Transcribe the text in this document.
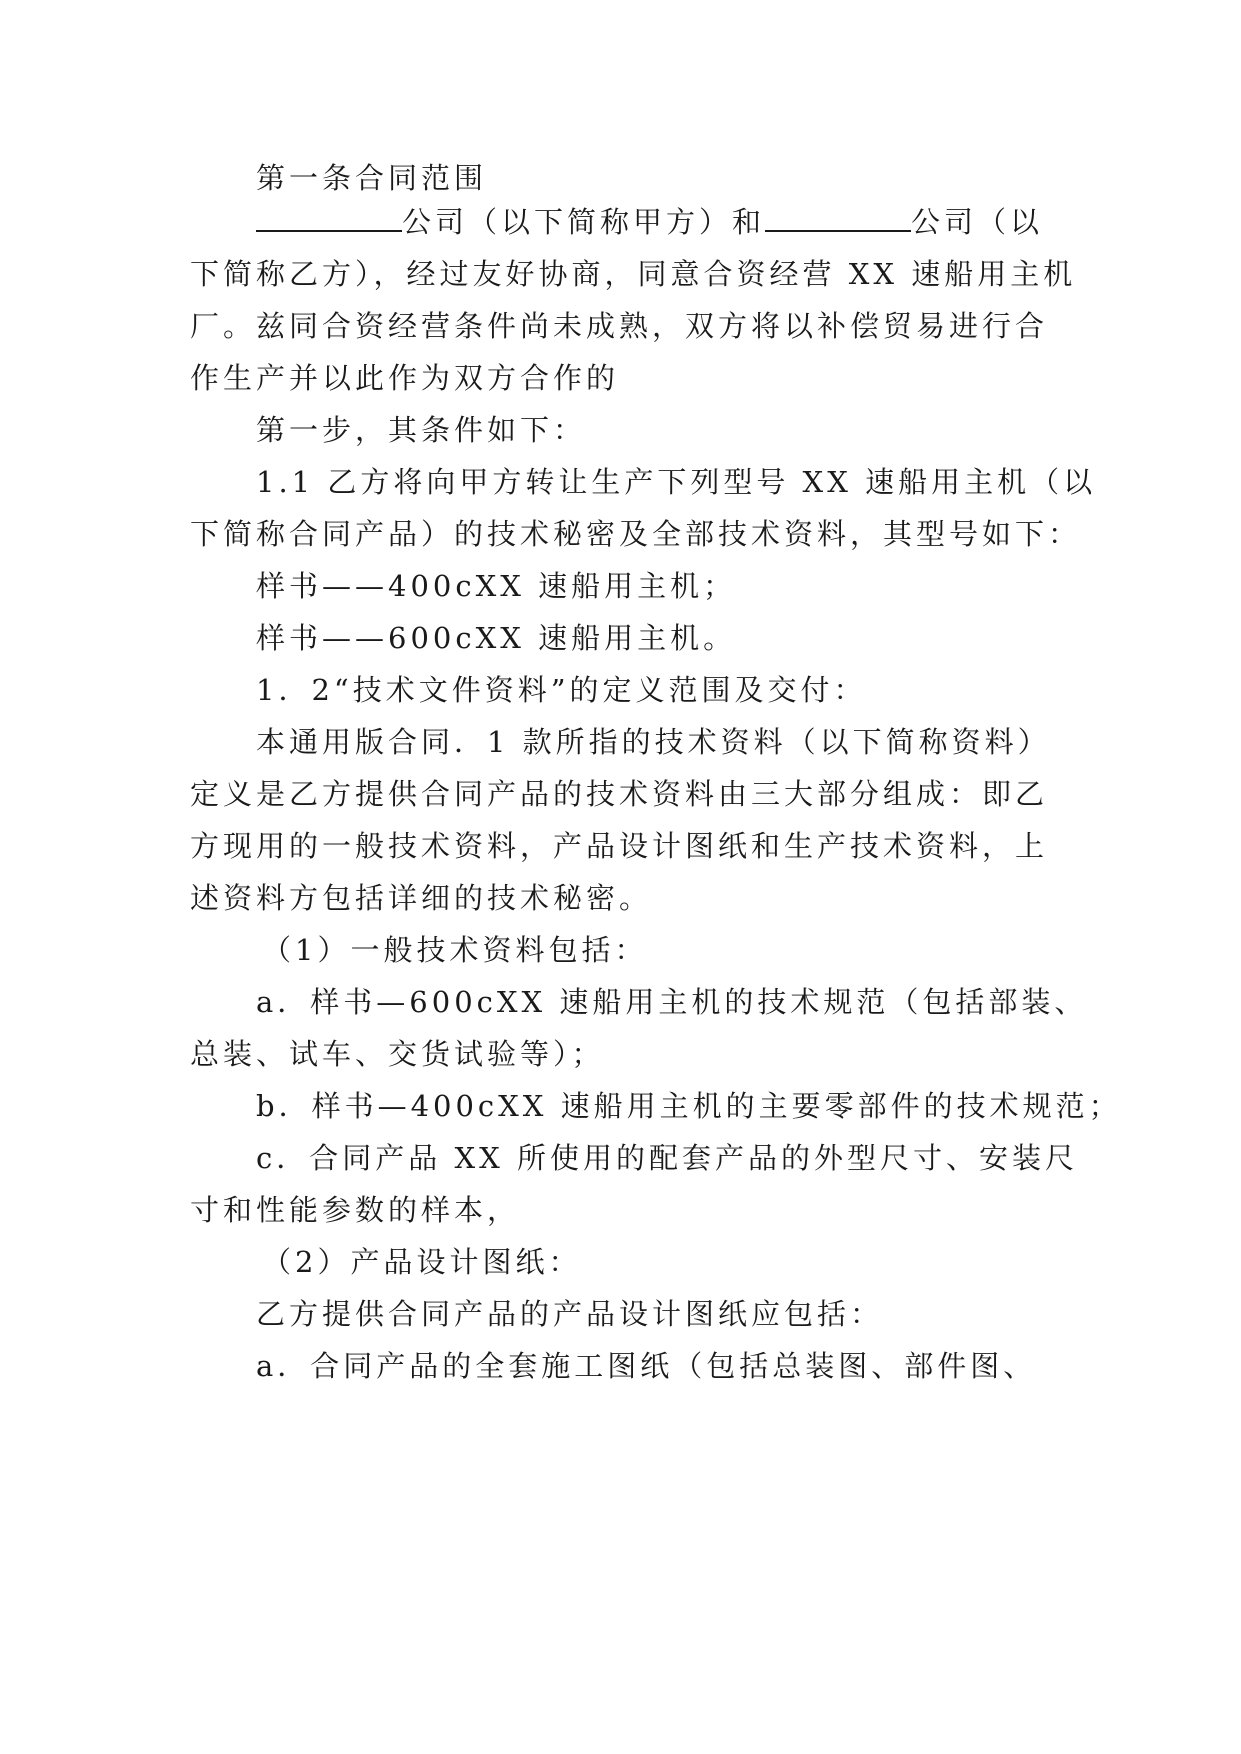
第一条合同范围
公司（以下简称甲方）和	公司（以
下简称乙方），经过友好协商，同意合资经营 XX 速船用主机
厂。兹同合资经营条件尚未成熟，双方将以补偿贸易进行合
作生产并以此作为双方合作的
第一步，其条件如下：
1.1 乙方将向甲方转让生产下列型号 XX 速船用主机（以
下简称合同产品）的技术秘密及全部技术资料，其型号如下：
样书——400cXX 速船用主机；
样书——600cXX 速船用主机。
1．2“技术文件资料”的定义范围及交付：
本通用版合同．1 款所指的技术资料（以下简称资料）
定义是乙方提供合同产品的技术资料由三大部分组成：即乙
方现用的一般技术资料，产品设计图纸和生产技术资料，上
述资料方包括详细的技术秘密。
（1）一般技术资料包括：
a．样书—600cXX 速船用主机的技术规范（包括部装、
总装、试车、交货试验等）；
b．样书—400cXX 速船用主机的主要零部件的技术规范；
c．合同产品 XX 所使用的配套产品的外型尺寸、安装尺
寸和性能参数的样本，
（2）产品设计图纸：
乙方提供合同产品的产品设计图纸应包括：
a．合同产品的全套施工图纸（包括总装图、部件图、
